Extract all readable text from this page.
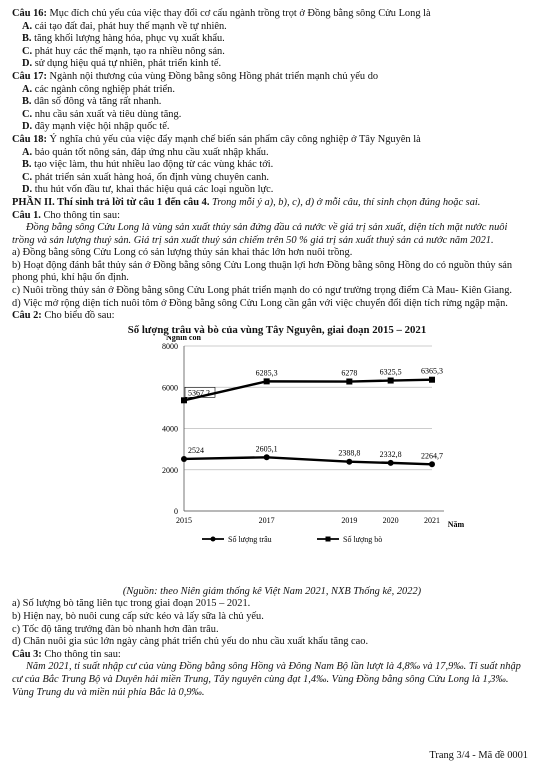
Câu 16: Mục đích chủ yếu của việc thay đổi cơ cấu ngành trồng trọt ở Đồng bằng sông Cửu Long là

A. cải tạo đất đai, phát huy thế mạnh về tự nhiên.

B. tăng khối lượng hàng hóa, phục vụ xuất khẩu.

C. phát huy các thế mạnh, tạo ra nhiều nông sản.

D. sử dụng hiệu quả tự nhiên, phát triển kinh tế.

Câu 17: Ngành nội thương của vùng Đồng bằng sông Hồng phát triển mạnh chủ yếu do

A. các ngành công nghiệp phát triển.

B. dân số đông và tăng rất nhanh.

C. nhu cầu sản xuất và tiêu dùng tăng.

D. đây mạnh việc hội nhập quốc tế.

Câu 18: Ý nghĩa chủ yếu của việc đẩy mạnh chế biến sản phẩm cây công nghiệp ở Tây Nguyên là

A. bảo quản tốt nông sản, đáp ứng nhu cầu xuất nhập khẩu.

B. tạo việc làm, thu hút nhiều lao động từ các vùng khác tới.

C. phát triển sản xuất hàng hoá, ổn định vùng chuyên canh.

D. thu hút vốn đầu tư, khai thác hiệu quả các loại nguồn lực.

PHẦN II. Thí sinh trả lời từ câu 1 đến câu 4. Trong mỗi ý a), b), c), d) ở mỗi câu, thí sinh chọn đúng hoặc sai.

Câu 1. Cho thông tin sau:

Đồng bằng sông Cửu Long là vùng sản xuất thủy sản đứng đầu cả nước về giá trị sản xuất, diện tích mặt nước nuôi trồng và sản lượng thuỷ sản. Giá trị sản xuất thuỷ sản chiếm trên 50 % giá trị sản xuất thuỷ sản cả nước năm 2021.

a) Đồng bằng sông Cửu Long có sản lượng thủy sản khai thác lớn hơn nuôi trồng.

b) Hoạt động đánh bắt thủy sản ở Đồng bằng sông Cửu Long thuận lợi hơn Đồng bằng sông Hồng do có nguồn thủy sản phong phú, khí hậu ổn định.

c) Nuôi trồng thủy sản ở Đồng bằng sông Cửu Long phát triển mạnh do có ngư trường trọng điểm Cà Mau- Kiên Giang.

d) Việc mở rộng diện tích nuôi tôm ở Đồng bằng sông Cửu Long cần gắn với việc chuyển đổi diện tích rừng ngập mặn.

Câu 2: Cho biểu đồ sau:

Số lượng trâu và bò của vùng Tây Nguyên, giai đoạn 2015 – 2021
Nghìn con
0
2000
4000
6000
8000
2015	2017	2019	2020	2021 Năm
2524	2605,1	2388,8 2332,8 2264,7
5367,2
6285,3	6278	6325,5 6365,3
Số lượng trâu	Số lượng bò

(Nguồn: theo Niên giám thống kê Việt Nam 2021, NXB Thống kê, 2022)

a) Số lượng bò tăng liên tục trong giai đoạn 2015 – 2021.

b) Hiện nay, bò nuôi cung cấp sức kéo và lấy sữa là chủ yếu.

c) Tốc độ tăng trưởng đàn bò nhanh hơn đàn trâu.

d) Chăn nuôi gia súc lớn ngày càng phát triển chủ yếu do nhu cầu xuất khẩu tăng cao.

Câu 3: Cho thông tin sau:

Năm 2021, tỉ suất nhập cư của vùng Đồng bằng sông Hồng và Đông Nam Bộ lần lượt là 4,8‰ và 17,9‰. Tỉ suất nhập cư của Bắc Trung Bộ và Duyên hải miền Trung, Tây nguyên cùng đạt 1,4‰. Vùng Đồng bằng sông Cửu Long là 1,3‰. Vùng Trung du và miền núi phía Bắc là 0,9‰.

Trang 3/4 - Mã đề 0001
